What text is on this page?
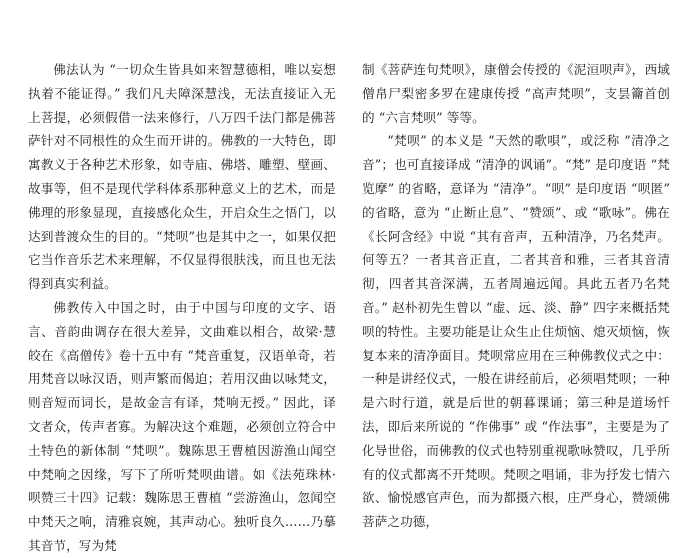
佛法认为 “一切众生皆具如来智慧德相，唯以妄想执着不能证得。” 我们凡夫障深慧浅，无法直接证入无上菩提，必须假借一法来修行，八万四千法门都是佛菩萨针对不同根性的众生而开讲的。佛教的一大特色，即寓教义于各种艺术形象，如寺庙、佛塔、雕塑、壁画、故事等，但不是现代学科体系那种意义上的艺术，而是佛理的形象显现，直接感化众生，开启众生之悟门，以达到普渡众生的目的。“梵呗”也是其中之一，如果仅把它当作音乐艺术来理解，不仅显得很肤浅，而且也无法得到真实利益。

佛教传入中国之时，由于中国与印度的文字、语言、音韵曲调存在很大差异，文曲难以相合，故梁·慧皎在《高僧传》卷十五中有 “梵音重复，汉语单奇，若用梵音以咏汉语，则声繁而偈迫；若用汉曲以咏梵文，则音短而词长，是故金言有译，梵响无授。” 因此，译文者众，传声者寡。为解决这个难题，必须创立符合中土特色的新体制 “梵呗”。魏陈思王曹植因游渔山闻空中梵响之因缘，写下了所听梵呗曲谱。如《法苑珠林·呗赞三十四》记载：魏陈思王曹植 “尝游渔山，忽闻空中梵天之响，清雅哀婉，其声动心。独听良久……乃摹其音节，写为梵

制《菩萨连句梵呗》，康僧会传授的《泥洹呗声》，西域僧帛尸梨密多罗在建康传授 “高声梵呗”，支昙籥首创的 “六言梵呗” 等等。

“梵呗” 的本义是 “天然的歌唄”，或泛称 “清净之音”；也可直接译成 “清净的讽诵”。“梵” 是印度语 “梵览摩” 的省略，意译为 “清净”。“呗” 是印度语 “呗匿” 的省略，意为 “止断止息”、“赞颂”、或 “歌咏”。佛在《长阿含经》中说 “其有音声，五种清净，乃名梵声。何等五？一者其音正直，二者其音和雅，三者其音清彻，四者其音深满，五者周遍远闻。具此五者乃名梵音。” 赵朴初先生曾以 “虚、远、淡、静” 四字来概括梵呗的特性。主要功能是让众生止住烦恼、熄灭烦恼，恢复本来的清净面目。梵呗常应用在三种佛教仪式之中：一种是讲经仪式，一般在讲经前后，必须唱梵呗；一种是六时行道，就是后世的朝暮课诵；第三种是道场忏法，即后来所说的 “作佛事” 或 “作法事”，主要是为了化导世俗，而佛教的仪式也特别重视歌咏赞叹，几乎所有的仪式都离不开梵呗。梵呗之唱诵，非为抒发七情六欲、愉悦感官声色，而为都摄六根，庄严身心，赞颂佛菩萨之功德，
